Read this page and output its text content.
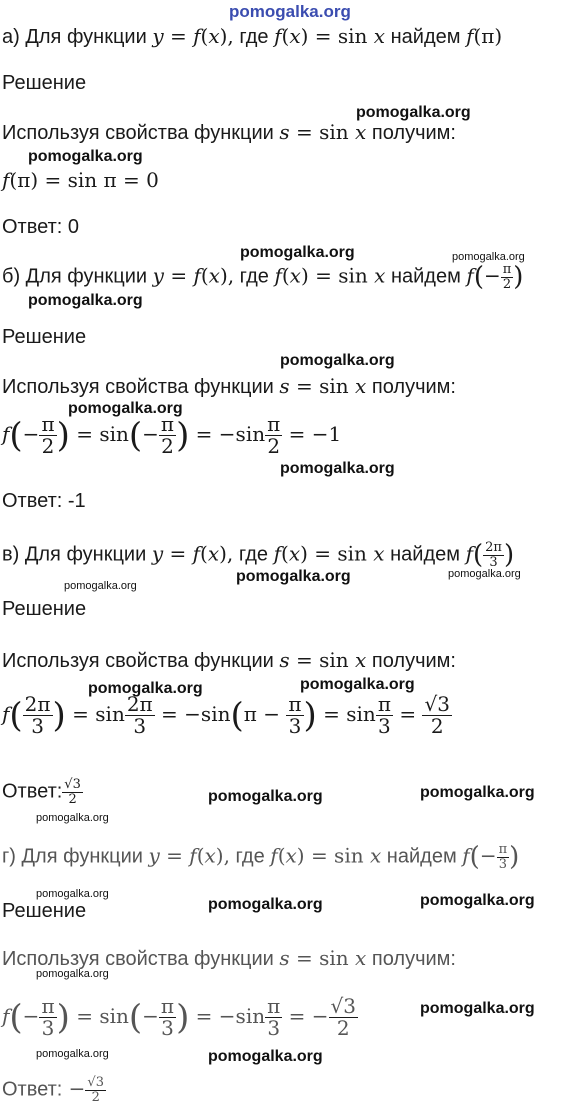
pomogalka.org
а) Для функции y = f(x), где f(x) = sin x найдем f(π)
Решение
Используя свойства функции s = sin x получим:
f(π) = sin π = 0
Ответ: 0
pomogalka.org
pomogalka.org
pomogalka.org	pomogalka.org
б) Для функции y = f(x), где f(x) = sin x найдем $f(- \frac{\pi}{2}$ )
pomogalka.org
Решение
pomogalka.org
Используя свойства функции s = sin x получим:
pomogalka.org
$f(- \frac{\pi}{2}$ ) = $\sin(- \frac{\pi}{2}$ ) = $-\sin \frac{\pi}{2} = -1$
pomogalka.org
Ответ: -1
в) Для функции y = f(x), где f(x) = sin x найдем $f( \frac{2\pi}{3}$ )
pomogalka.org	pomogalka.org
pomogalka.org
Решение
Используя свойства функции s = sin x получим:
pomogalka.org	pomogalka.org
$f( \frac{2\pi}{3}$ ) = $\sin \frac{2\pi}{3} = -\sin(\pi - \frac{\pi}{3}$ ) = $\sin \frac{\pi}{3} = \frac{√3}{2}$
Ответ: $\frac{√3}{2}$	pomogalka.org	pomogalka.org
pomogalka.org
г) Для функции y = f(x), где f(x) = sin x найдем $f(- \frac{\pi}{3}$ )
pomogalka.org
Решение	pomogalka.org	pomogalka.org
Используя свойства функции s = sin x получим:
pomogalka.org
$f(- \frac{\pi}{3}$ ) = $\sin(- \frac{\pi}{3}$ ) = $-\sin \frac{\pi}{3}$ = − $\frac{√3}{2}$	pomogalka.org
pomogalka.org	pomogalka.org
Ответ: − $\frac{√3}{2}$
